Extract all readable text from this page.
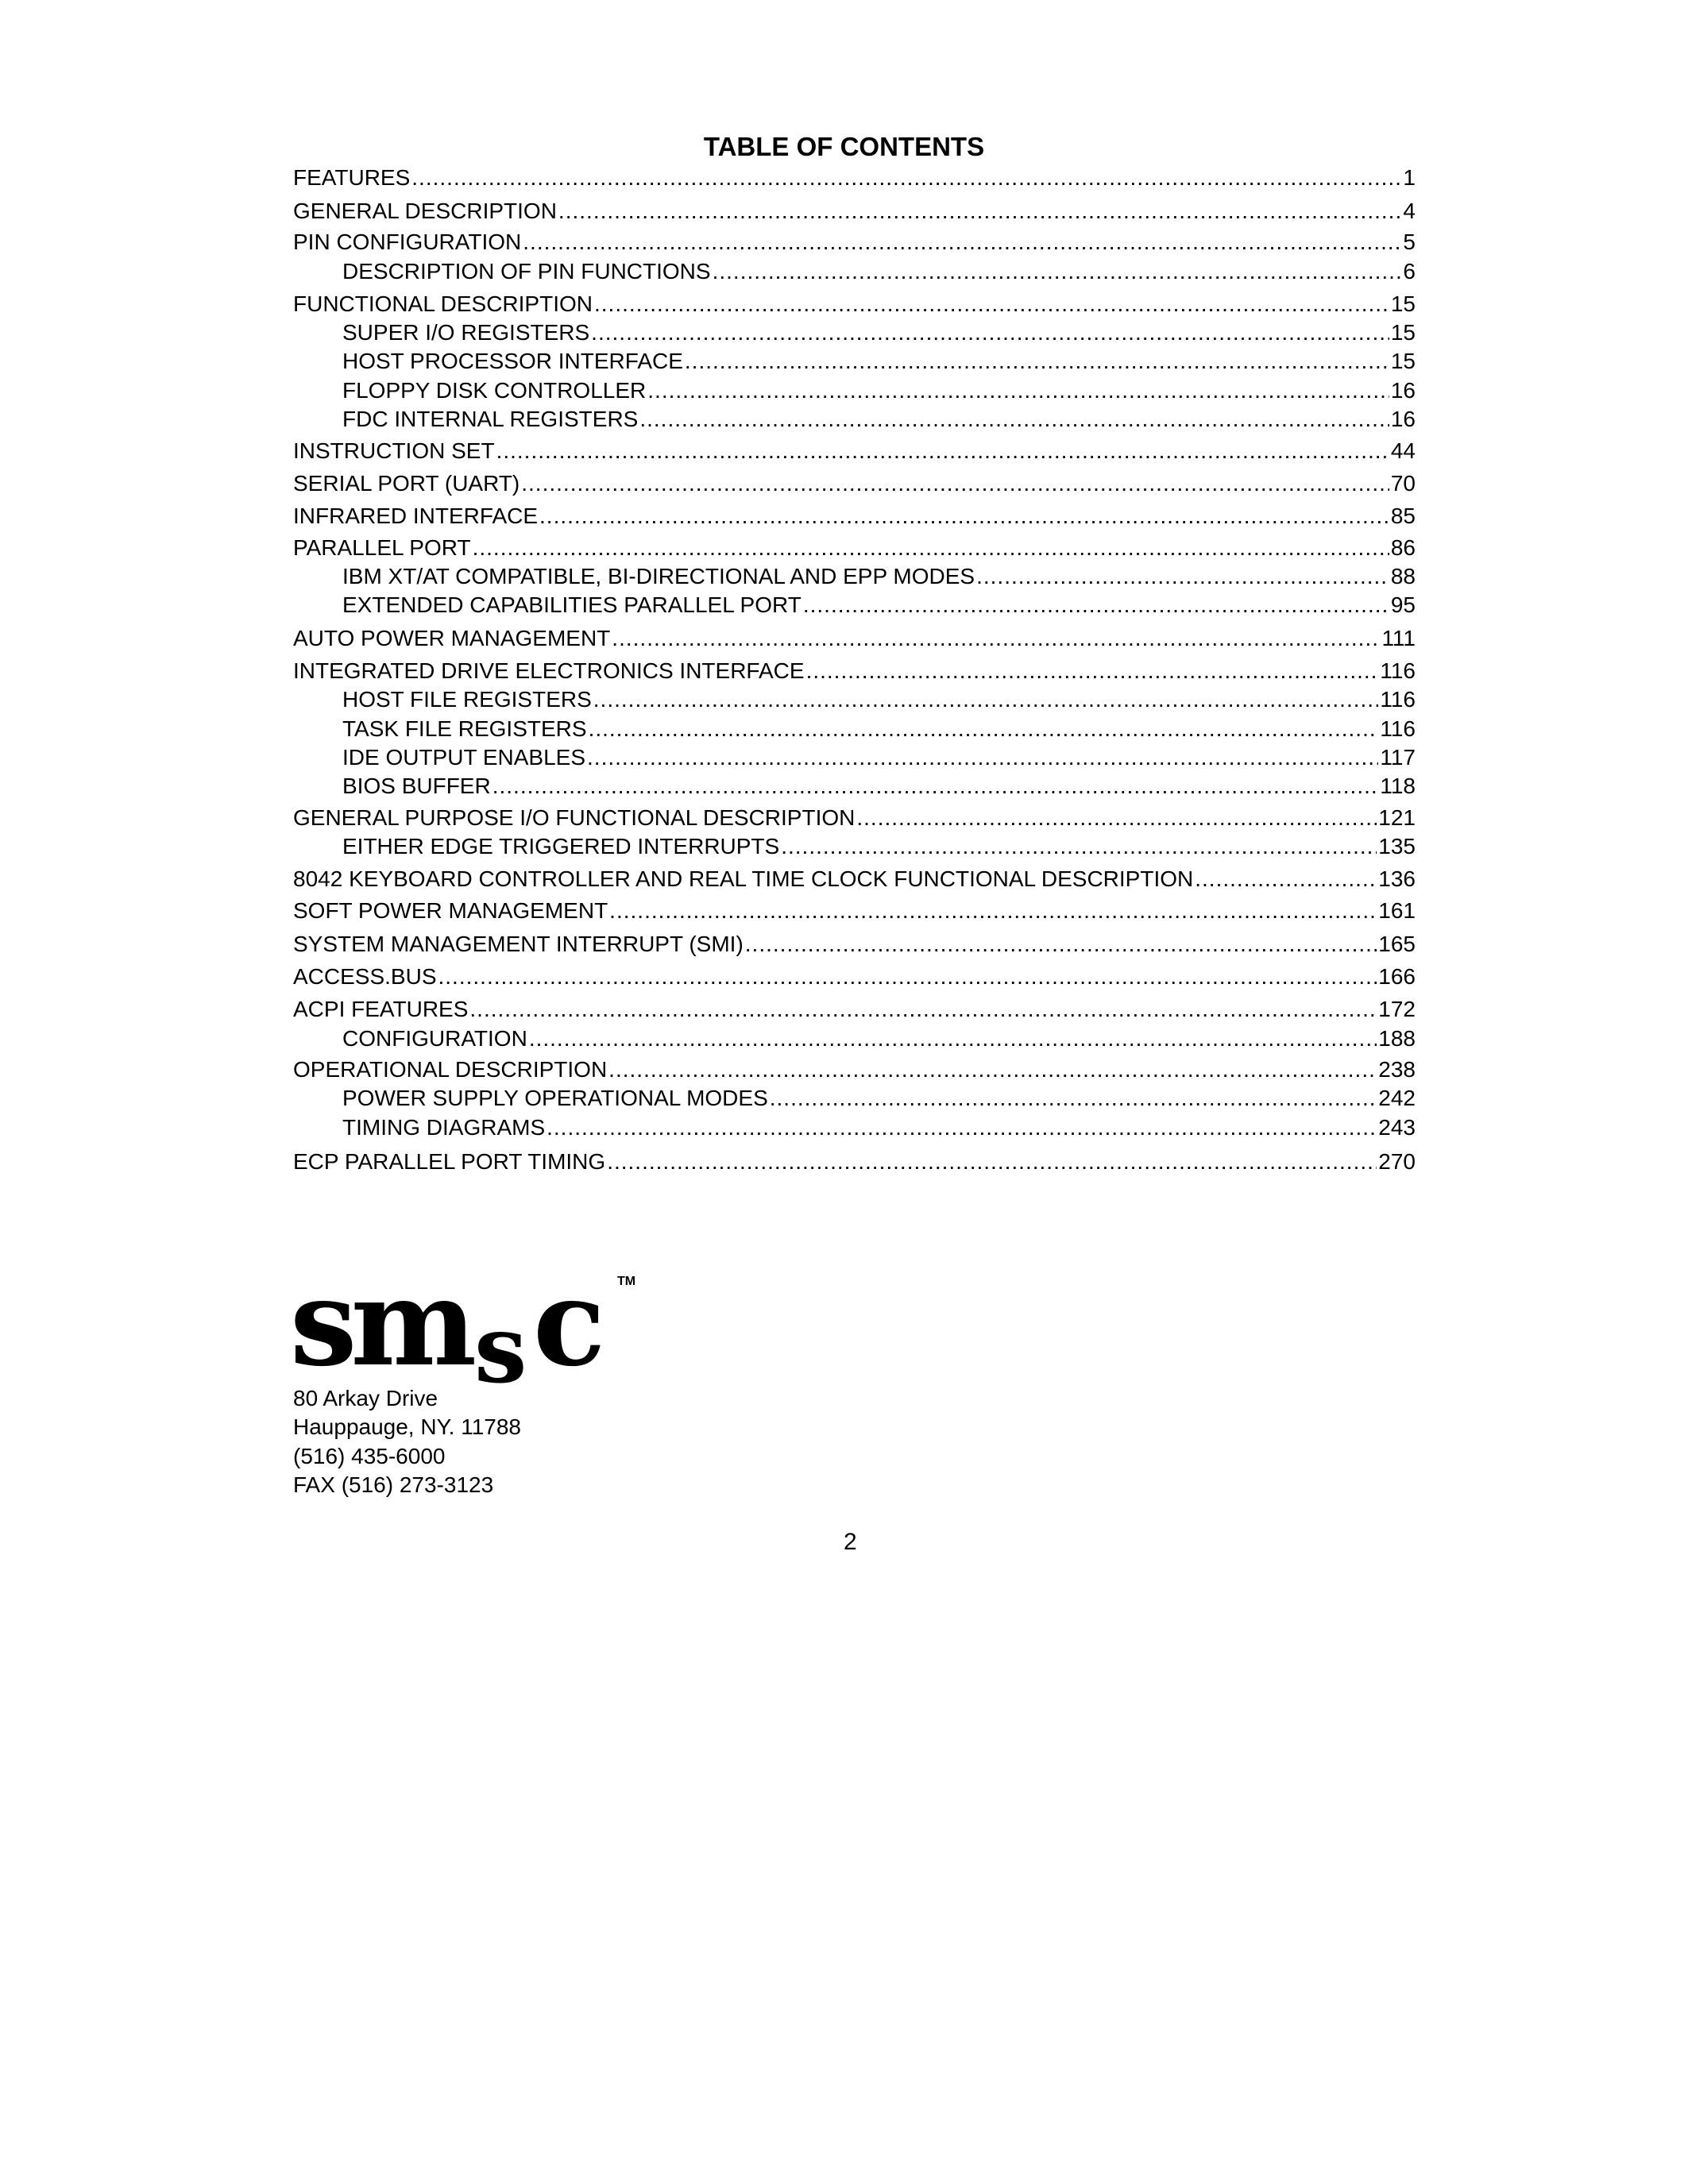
TABLE OF CONTENTS
FEATURES .....	1
GENERAL DESCRIPTION .....	4
PIN CONFIGURATION .....	5
DESCRIPTION OF PIN FUNCTIONS .....	6
FUNCTIONAL DESCRIPTION .....	15
SUPER I/O REGISTERS .....	15
HOST PROCESSOR INTERFACE .....	15
FLOPPY DISK CONTROLLER .....	16
FDC INTERNAL REGISTERS .....	16
INSTRUCTION SET .....	44
SERIAL PORT (UART) .....	70
INFRARED INTERFACE .....	85
PARALLEL PORT .....	86
IBM XT/AT COMPATIBLE, BI-DIRECTIONAL AND EPP MODES .....	88
EXTENDED CAPABILITIES PARALLEL PORT .....	95
AUTO POWER MANAGEMENT .....	111
INTEGRATED DRIVE ELECTRONICS INTERFACE .....	116
HOST FILE REGISTERS .....	116
TASK FILE REGISTERS .....	116
IDE OUTPUT ENABLES .....	117
BIOS BUFFER .....	118
GENERAL PURPOSE I/O FUNCTIONAL DESCRIPTION .....	121
EITHER EDGE TRIGGERED INTERRUPTS .....	135
8042 KEYBOARD CONTROLLER AND REAL TIME CLOCK FUNCTIONAL DESCRIPTION .....	136
SOFT POWER MANAGEMENT .....	161
SYSTEM MANAGEMENT INTERRUPT (SMI) .....	165
ACCESS.BUS .....	166
ACPI FEATURES .....	172
CONFIGURATION .....	188
OPERATIONAL DESCRIPTION .....	238
POWER SUPPLY OPERATIONAL MODES .....	242
TIMING DIAGRAMS .....	243
ECP PARALLEL PORT TIMING .....	270
sm s c TM
80 Arkay Drive
Hauppauge, NY. 11788
(516) 435-6000
FAX (516) 273-3123
2
